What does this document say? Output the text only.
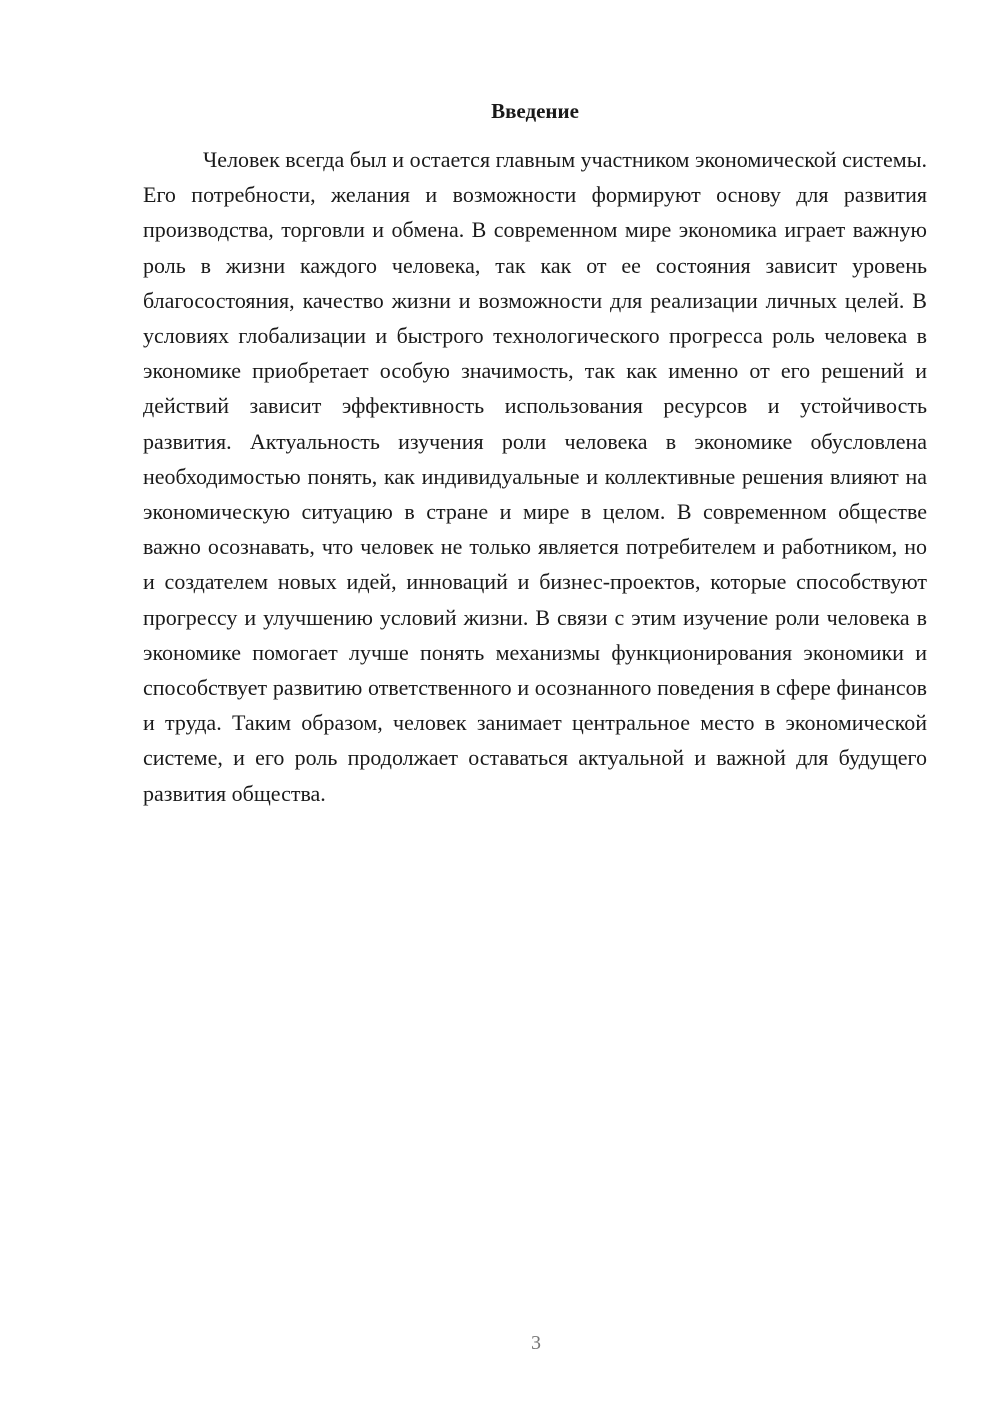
Введение

Человек всегда был и остается главным участником экономической системы. Его потребности, желания и возможности формируют основу для развития производства, торговли и обмена. В современном мире экономика играет важную роль в жизни каждого человека, так как от ее состояния зависит уровень благосостояния, качество жизни и возможности для реализации личных целей. В условиях глобализации и быстрого технологического прогресса роль человека в экономике приобретает особую значимость, так как именно от его решений и действий зависит эффективность использования ресурсов и устойчивость развития. Актуальность изучения роли человека в экономике обусловлена необходимостью понять, как индивидуальные и коллективные решения влияют на экономическую ситуацию в стране и мире в целом. В современном обществе важно осознавать, что человек не только является потребителем и работником, но и создателем новых идей, инноваций и бизнес-проектов, которые способствуют прогрессу и улучшению условий жизни. В связи с этим изучение роли человека в экономике помогает лучше понять механизмы функционирования экономики и способствует развитию ответственного и осознанного поведения в сфере финансов и труда. Таким образом, человек занимает центральное место в экономической системе, и его роль продолжает оставаться актуальной и важной для будущего развития общества.

3
